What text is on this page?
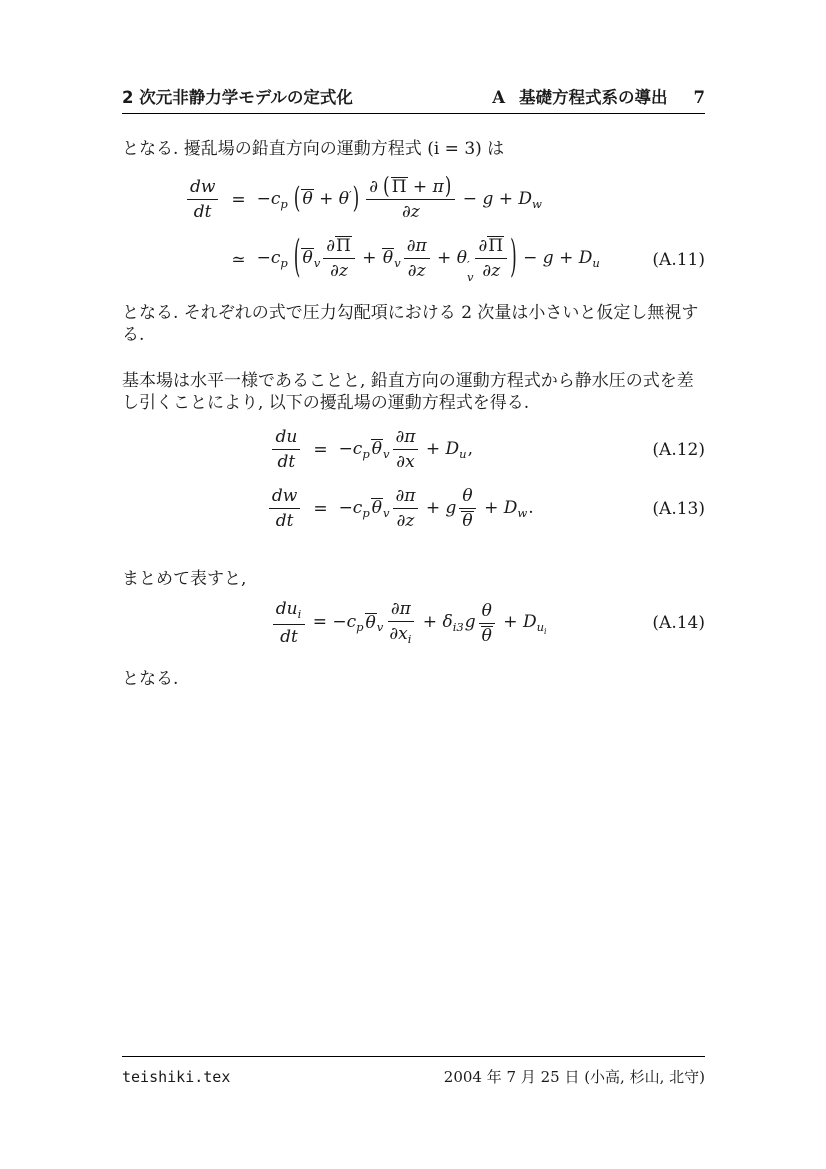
2 次元非静力学モデルの定式化	A 基礎方程式系の導出 7

となる. 擾乱場の鉛直方向の運動方程式 (i = 3) は

$\frac{dw}{dt}$	=	$-c_p$ ( $\theta + \theta') \frac{\partial ( \Pi + \pi)}{\partial z} - g + D_w$	
		≃	$-c_p$ ( $\theta_v \frac{\partial\Pi}{\partial z} + \theta_v \frac{\partial\pi}{\partial z} + \theta$ ′
v $\frac{\partial\Pi}{\partial z}$ ) − $g + D_u$	(A.11)

となる. それぞれの式で圧力勾配項における 2 次量は小さいと仮定し無視する.

基本場は水平一様であることと, 鉛直方向の運動方程式から静水圧の式を差し引くことにより, 以下の擾乱場の運動方程式を得る.

$\frac{du}{dt}$	=	$-c_p$ $\theta_v \frac{\partial\pi}{\partial x} + D_u$,	(A.12)

$\frac{dw}{dt}$	=	$-c_p$ $\theta_v \frac{\partial\pi}{\partial z} + g \frac{\theta}{\theta} + D_w$.	(A.13)

まとめて表すと,

$\frac{du_i}{dt} = -c_p$ $\theta_v \frac{\partial\pi}{\partial x_i} + \delta_{i3}g \frac{\theta}{\theta} + D_{u_i}$	(A.14)

となる.

teishiki.tex	2004 年 7 月 25 日 (小高, 杉山, 北守)
